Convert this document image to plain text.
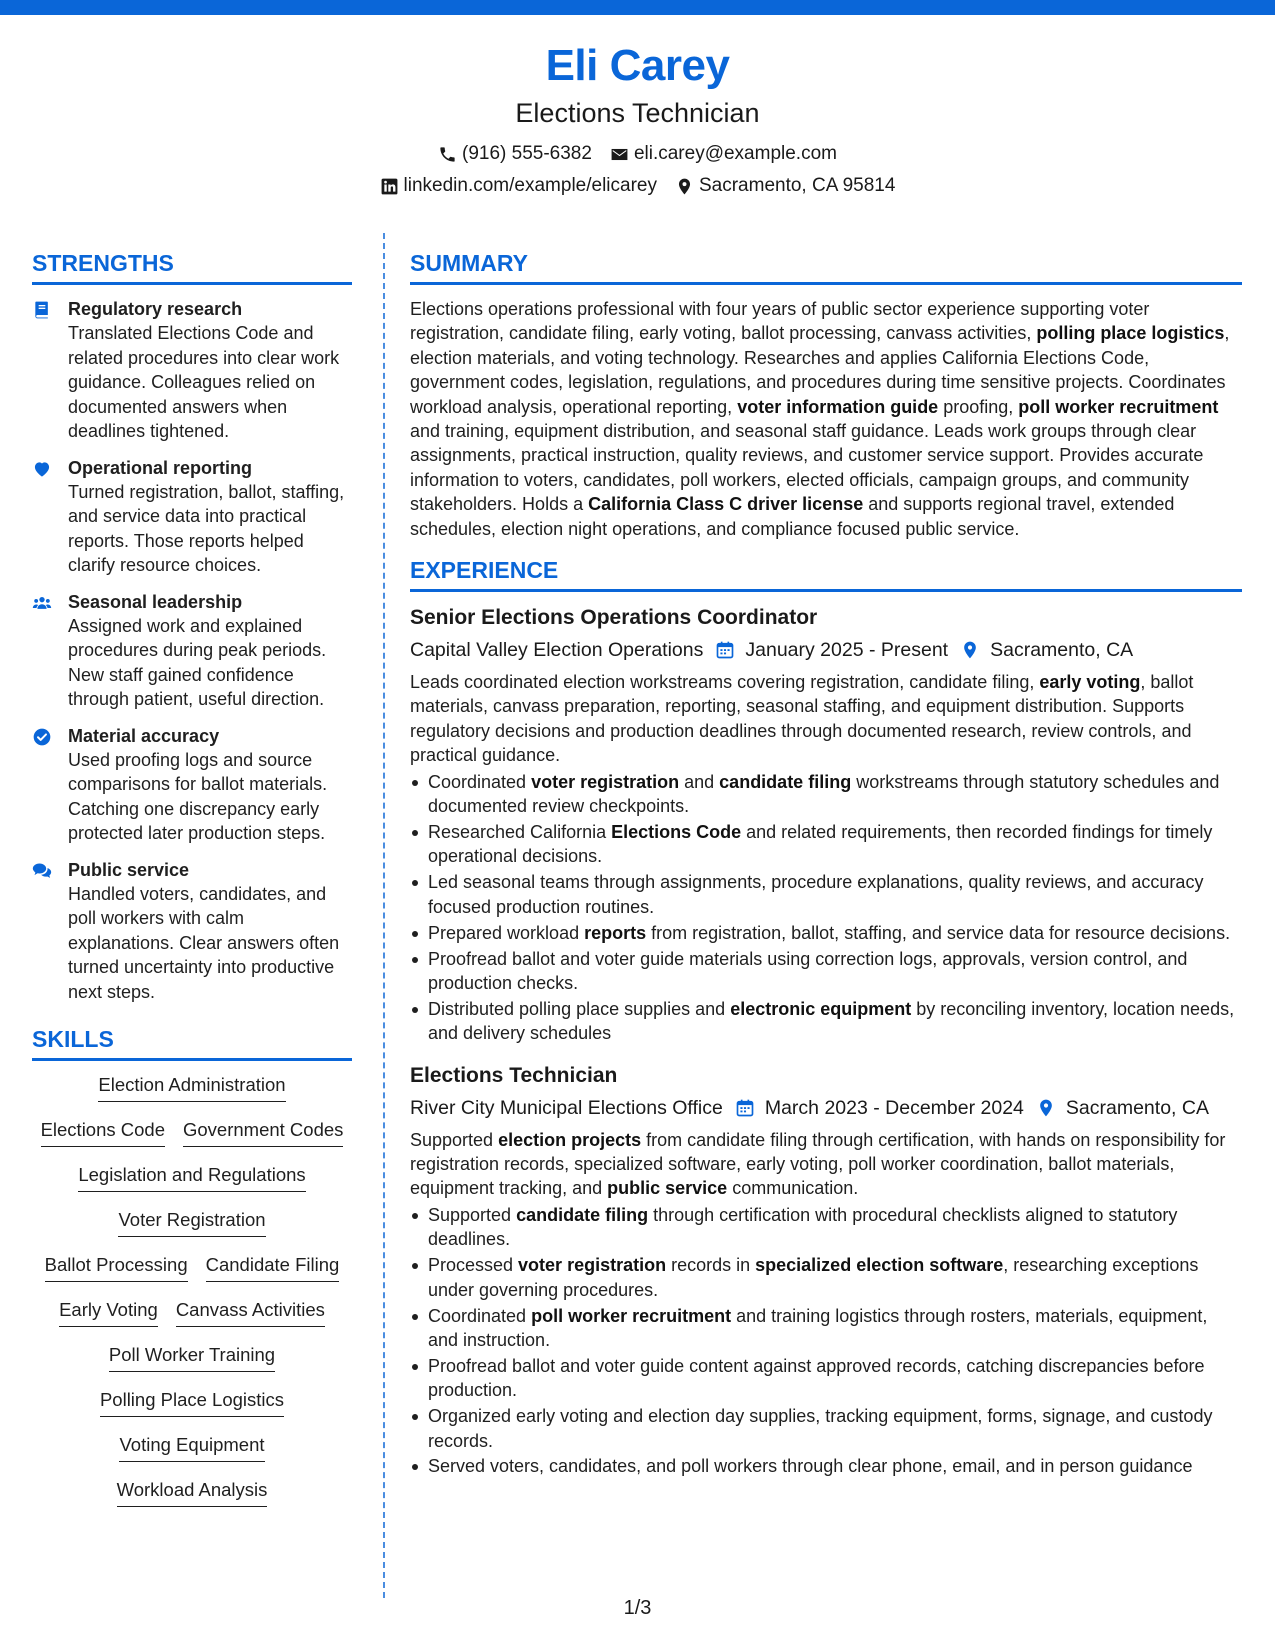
Eli Carey
Elections Technician
(916) 555-6382 eli.carey@example.com
linkedin.com/example/elicarey Sacramento, CA 95814
STRENGTHS
Regulatory research
Translated Elections Code and related procedures into clear work guidance. Colleagues relied on documented answers when deadlines tightened.
Operational reporting
Turned registration, ballot, staffing, and service data into practical reports. Those reports helped clarify resource choices.
Seasonal leadership
Assigned work and explained procedures during peak periods. New staff gained confidence through patient, useful direction.
Material accuracy
Used proofing logs and source comparisons for ballot materials. Catching one discrepancy early protected later production steps.
Public service
Handled voters, candidates, and poll workers with calm explanations. Clear answers often turned uncertainty into productive next steps.
SKILLS
Election Administration
Elections Code Government Codes
Legislation and Regulations
Voter Registration
Ballot Processing Candidate Filing
Early Voting Canvass Activities
Poll Worker Training
Polling Place Logistics
Voting Equipment
Workload Analysis
SUMMARY

Elections operations professional with four years of public sector experience supporting voter registration, candidate filing, early voting, ballot processing, canvass activities, polling place logistics, election materials, and voting technology. Researches and applies California Elections Code, government codes, legislation, regulations, and procedures during time sensitive projects. Coordinates workload analysis, operational reporting, voter information guide proofing, poll worker recruitment and training, equipment distribution, and seasonal staff guidance. Leads work groups through clear assignments, practical instruction, quality reviews, and customer service support. Provides accurate information to voters, candidates, poll workers, elected officials, campaign groups, and community stakeholders. Holds a California Class C driver license and supports regional travel, extended schedules, election night operations, and compliance focused public service.

EXPERIENCE
Senior Elections Operations Coordinator
Capital Valley Election Operations January 2025 - Present Sacramento, CA

Leads coordinated election workstreams covering registration, candidate filing, early voting, ballot materials, canvass preparation, reporting, seasonal staffing, and equipment distribution. Supports regulatory decisions and production deadlines through documented research, review controls, and practical guidance.

Coordinated voter registration and candidate filing workstreams through statutory schedules and documented review checkpoints.
Researched California Elections Code and related requirements, then recorded findings for timely operational decisions.
Led seasonal teams through assignments, procedure explanations, quality reviews, and accuracy focused production routines.
Prepared workload reports from registration, ballot, staffing, and service data for resource decisions.
Proofread ballot and voter guide materials using correction logs, approvals, version control, and production checks.
Distributed polling place supplies and electronic equipment by reconciling inventory, location needs, and delivery schedules
Elections Technician
River City Municipal Elections Office March 2023 - December 2024 Sacramento, CA

Supported election projects from candidate filing through certification, with hands on responsibility for registration records, specialized software, early voting, poll worker coordination, ballot materials, equipment tracking, and public service communication.

Supported candidate filing through certification with procedural checklists aligned to statutory deadlines.
Processed voter registration records in specialized election software, researching exceptions under governing procedures.
Coordinated poll worker recruitment and training logistics through rosters, materials, equipment, and instruction.
Proofread ballot and voter guide content against approved records, catching discrepancies before production.
Organized early voting and election day supplies, tracking equipment, forms, signage, and custody records.
Served voters, candidates, and poll workers through clear phone, email, and in person guidance
1/3
